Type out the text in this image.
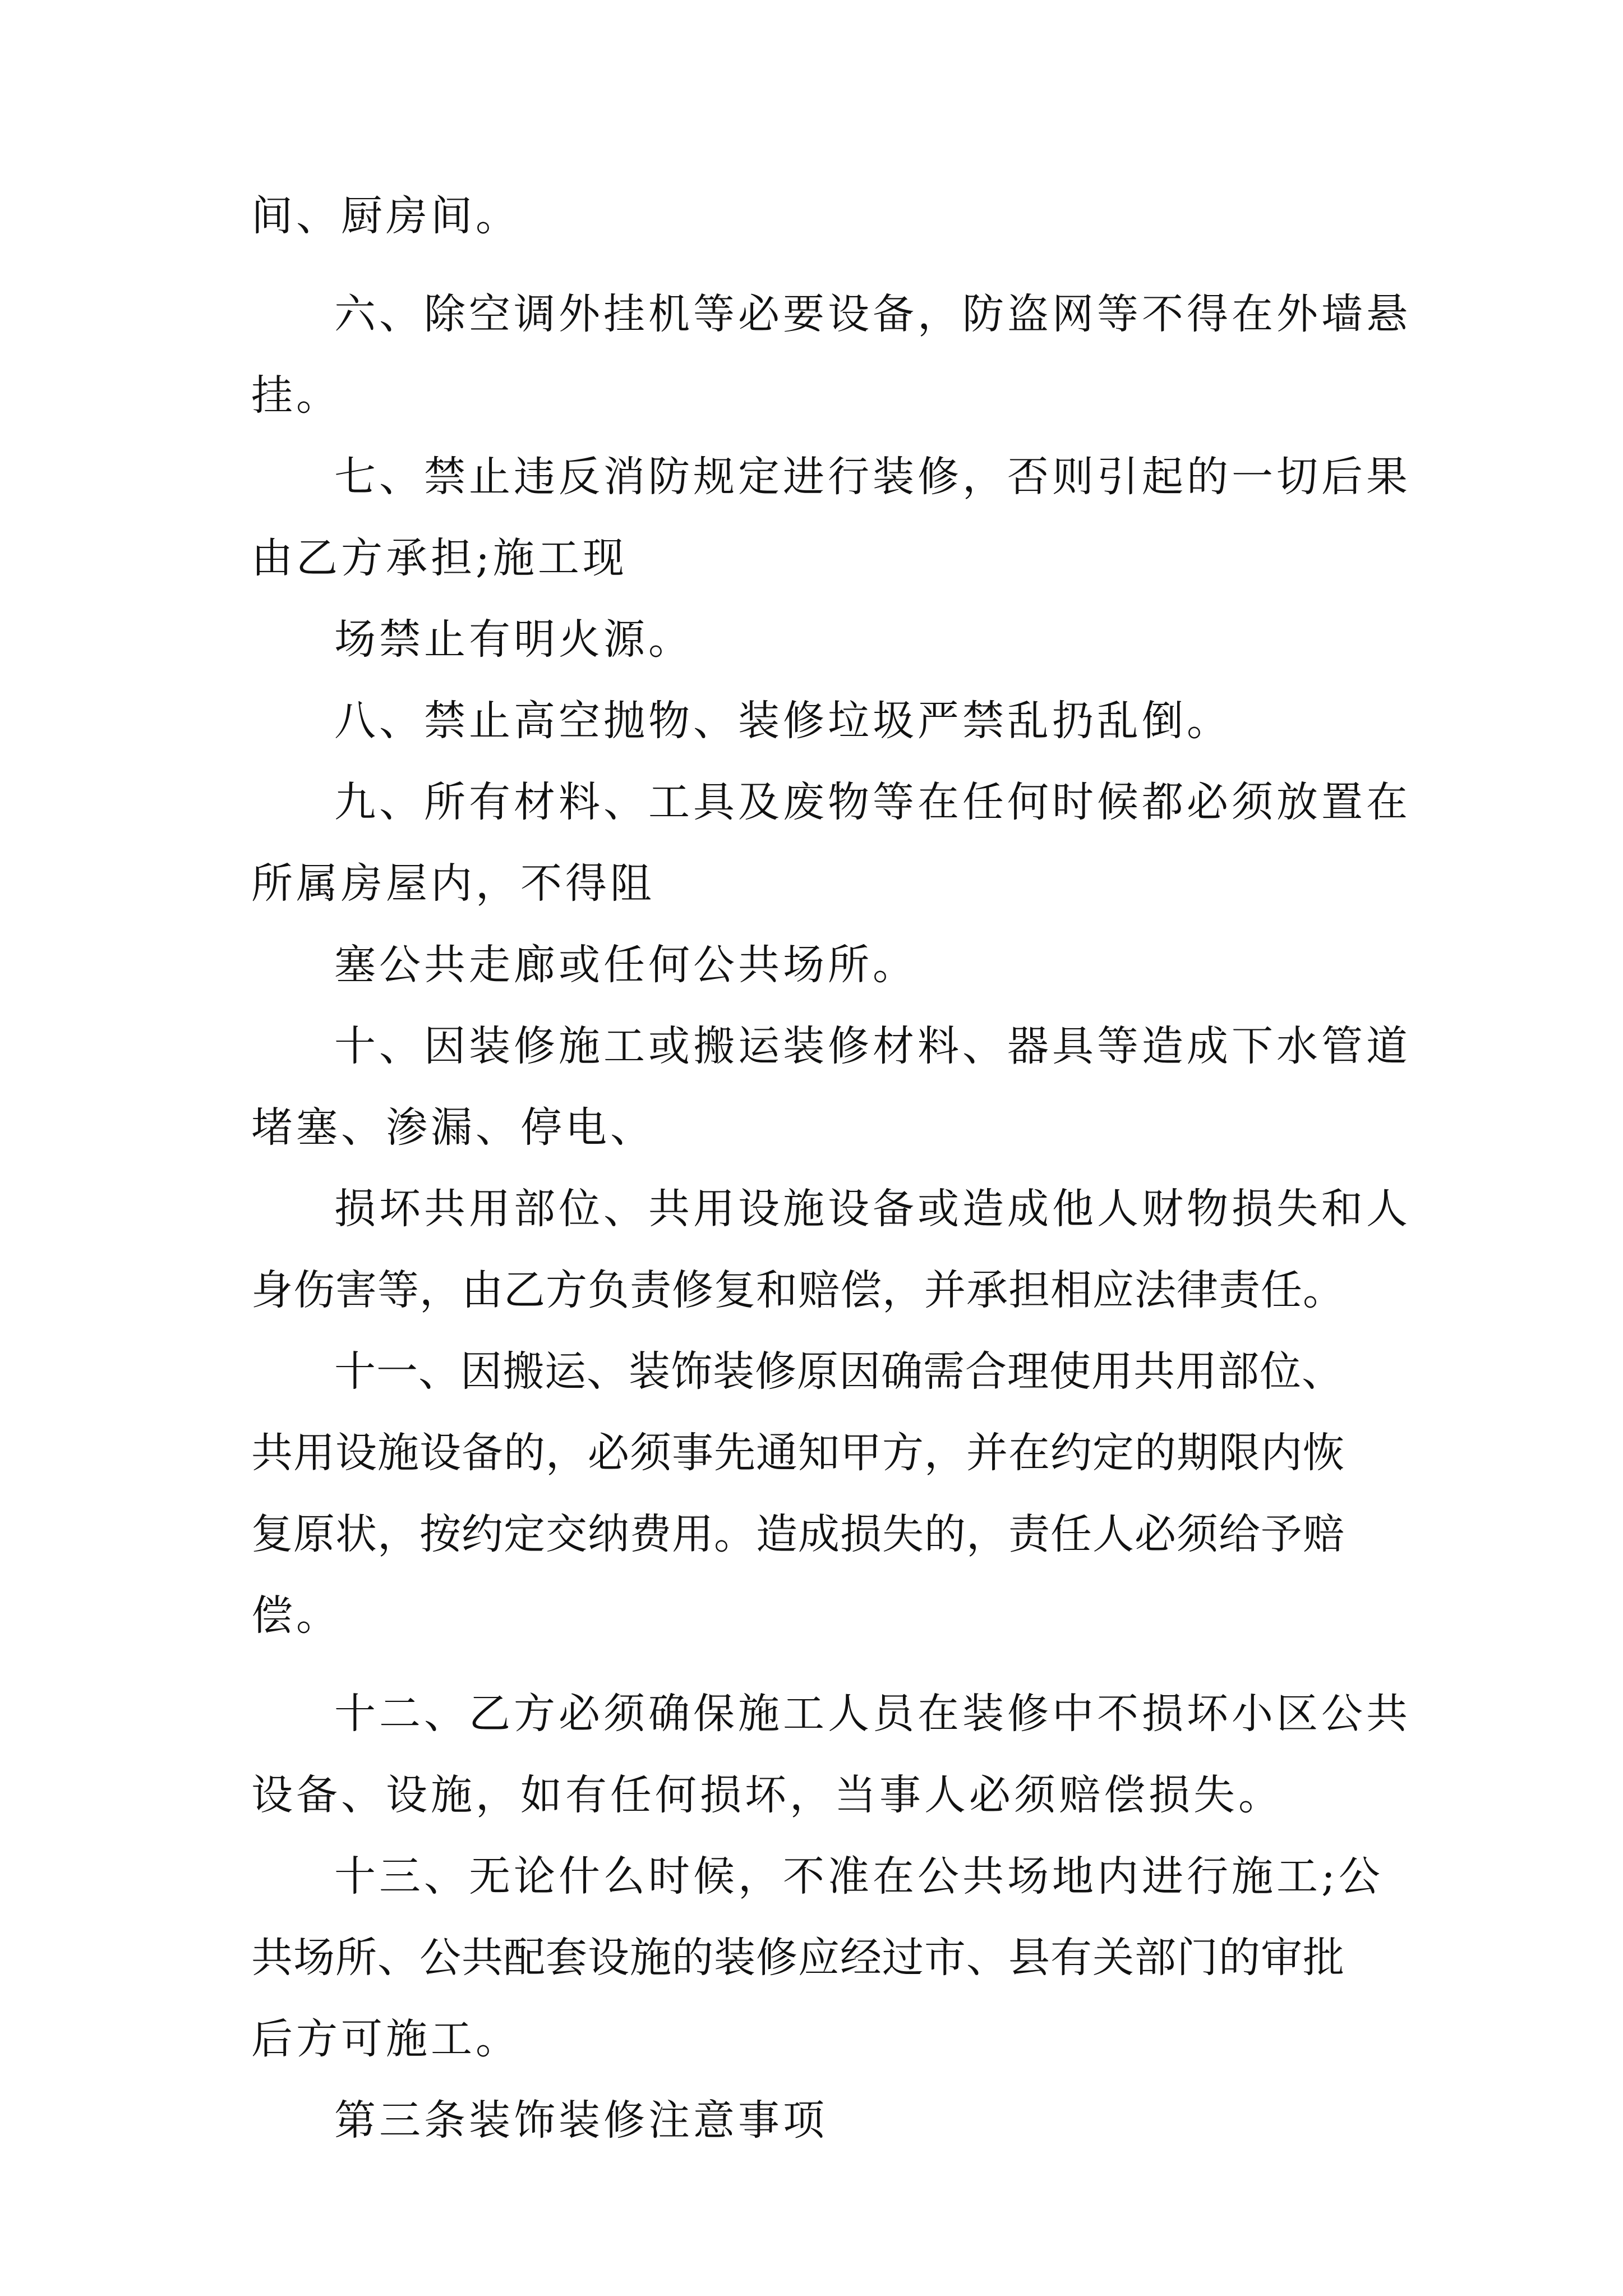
间、厨房间。
六、除空调外挂机等必要设备，防盗网等不得在外墙悬
挂。
七、禁止违反消防规定进行装修，否则引起的一切后果
由乙方承担;施工现
场禁止有明火源。
八、禁止高空抛物、装修垃圾严禁乱扔乱倒。
九、所有材料、工具及废物等在任何时候都必须放置在
所属房屋内，不得阻
塞公共走廊或任何公共场所。
十、因装修施工或搬运装修材料、器具等造成下水管道
堵塞、渗漏、停电、
损坏共用部位、共用设施设备或造成他人财物损失和人
身伤害等，由乙方负责修复和赔偿，并承担相应法律责任。
十一、因搬运、装饰装修原因确需合理使用共用部位、
共用设施设备的，必须事先通知甲方，并在约定的期限内恢
复原状，按约定交纳费用。造成损失的，责任人必须给予赔
偿。
十二、乙方必须确保施工人员在装修中不损坏小区公共
设备、设施，如有任何损坏，当事人必须赔偿损失。
十三、无论什么时候，不准在公共场地内进行施工;公
共场所、公共配套设施的装修应经过市、县有关部门的审批
后方可施工。
第三条装饰装修注意事项
